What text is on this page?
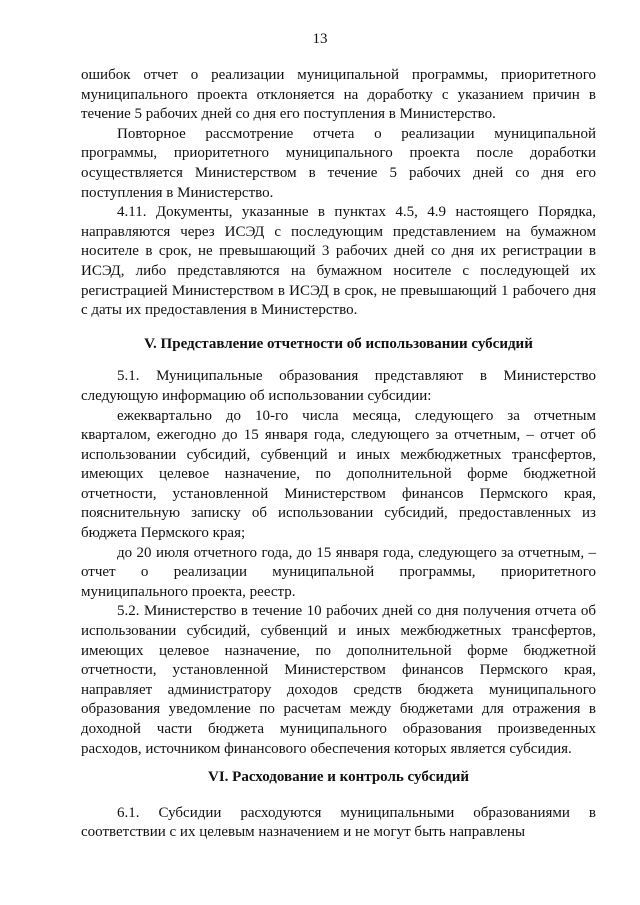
13

ошибок отчет о реализации муниципальной программы, приоритетного муниципального проекта отклоняется на доработку с указанием причин в течение 5 рабочих дней со дня его поступления в Министерство.

Повторное рассмотрение отчета о реализации муниципальной программы, приоритетного муниципального проекта после доработки осуществляется Министерством в течение 5 рабочих дней со дня его поступления в Министерство.

4.11. Документы, указанные в пунктах 4.5, 4.9 настоящего Порядка, направляются через ИСЭД с последующим представлением на бумажном носителе в срок, не превышающий 3 рабочих дней со дня их регистрации в ИСЭД, либо представляются на бумажном носителе с последующей их регистрацией Министерством в ИСЭД в срок, не превышающий 1 рабочего дня с даты их предоставления в Министерство.

V. Представление отчетности об использовании субсидий

5.1. Муниципальные образования представляют в Министерство следующую информацию об использовании субсидии:

ежеквартально до 10-го числа месяца, следующего за отчетным кварталом, ежегодно до 15 января года, следующего за отчетным, – отчет об использовании субсидий, субвенций и иных межбюджетных трансфертов, имеющих целевое назначение, по дополнительной форме бюджетной отчетности, установленной Министерством финансов Пермского края, пояснительную записку об использовании субсидий, предоставленных из бюджета Пермского края;

до 20 июля отчетного года, до 15 января года, следующего за отчетным, – отчет о реализации муниципальной программы, приоритетного муниципального проекта, реестр.

5.2. Министерство в течение 10 рабочих дней со дня получения отчета об использовании субсидий, субвенций и иных межбюджетных трансфертов, имеющих целевое назначение, по дополнительной форме бюджетной отчетности, установленной Министерством финансов Пермского края, направляет администратору доходов средств бюджета муниципального образования уведомление по расчетам между бюджетами для отражения в доходной части бюджета муниципального образования произведенных расходов, источником финансового обеспечения которых является субсидия.

VI. Расходование и контроль субсидий

6.1. Субсидии расходуются муниципальными образованиями в соответствии с их целевым назначением и не могут быть направлены
